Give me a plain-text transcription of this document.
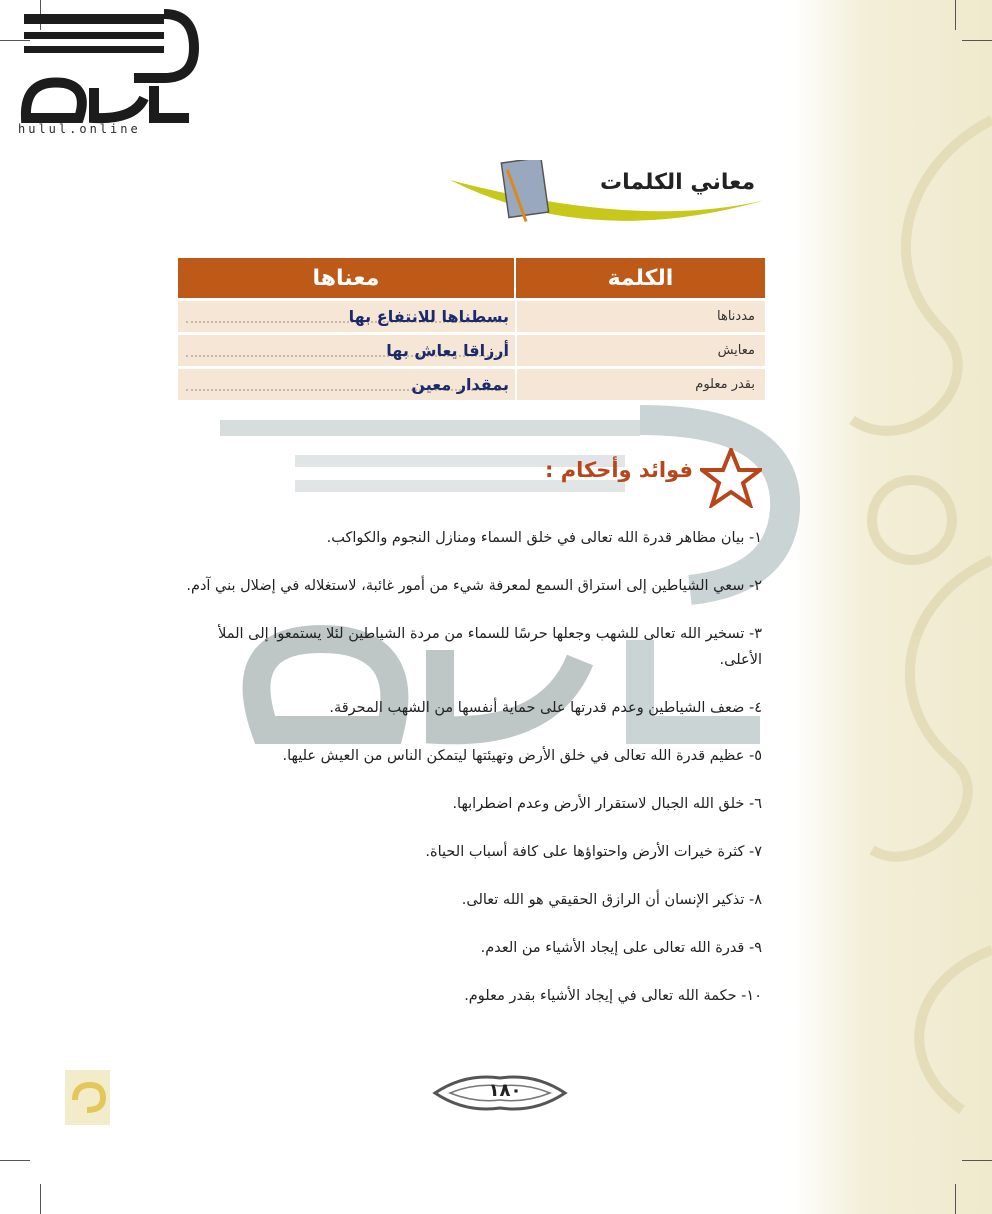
hulul.online
معاني الكلمات
الكلمة
معناها
مددناها
بسطناها للانتفاع بها
معايش
أرزاقا يعاش بها
بقدر معلوم
بمقدار معين
فوائد وأحكام :
١- بيان مظاهر قدرة الله تعالى في خلق السماء ومنازل النجوم والكواكب.
٢- سعي الشياطين إلى استراق السمع لمعرفة شيء من أمور غائبة، لاستغلاله في إضلال بني آدم.
٣- تسخير الله تعالى للشهب وجعلها حرسًا للسماء من مردة الشياطين لئلا يستمعوا إلى الملأ الأعلى.
٤- ضعف الشياطين وعدم قدرتها على حماية أنفسها من الشهب المحرقة.
٥- عظيم قدرة الله تعالى في خلق الأرض وتهيئتها ليتمكن الناس من العيش عليها.
٦- خلق الله الجبال لاستقرار الأرض وعدم اضطرابها.
٧- كثرة خيرات الأرض واحتواؤها على كافة أسباب الحياة.
٨- تذكير الإنسان أن الرازق الحقيقي هو الله تعالى.
٩- قدرة الله تعالى على إيجاد الأشياء من العدم.
١٠- حكمة الله تعالى في إيجاد الأشياء بقدر معلوم.
١٨٠
